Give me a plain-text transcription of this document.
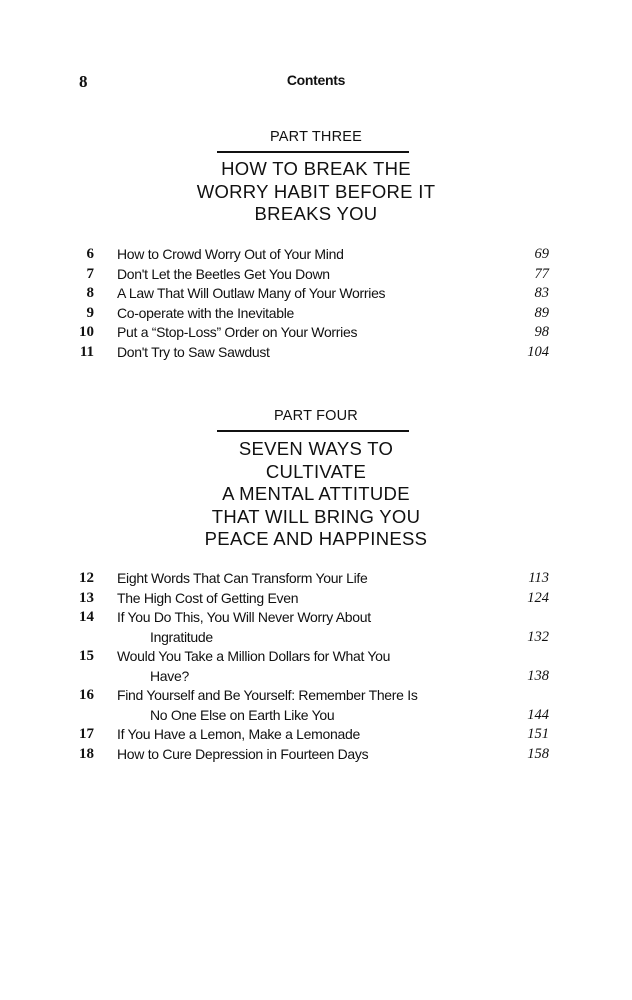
8	Contents
PART THREE
HOW TO BREAK THE
WORRY HABIT BEFORE IT
BREAKS YOU
6 How to Crowd Worry Out of Your Mind	69
7 Don't Let the Beetles Get You Down	77
8 A Law That Will Outlaw Many of Your Worries	83
9 Co-operate with the Inevitable	89
10 Put a “Stop-Loss” Order on Your Worries	98
11 Don't Try to Saw Sawdust	104
PART FOUR
SEVEN WAYS TO
CULTIVATE
A MENTAL ATTITUDE
THAT WILL BRING YOU
PEACE AND HAPPINESS
12 Eight Words That Can Transform Your Life	113
13 The High Cost of Getting Even	124
14 If You Do This, You Will Never Worry About
Ingratitude	132
15 Would You Take a Million Dollars for What You
Have?	138
16 Find Yourself and Be Yourself: Remember There Is
No One Else on Earth Like You	144
17 If You Have a Lemon, Make a Lemonade	151
18 How to Cure Depression in Fourteen Days	158
